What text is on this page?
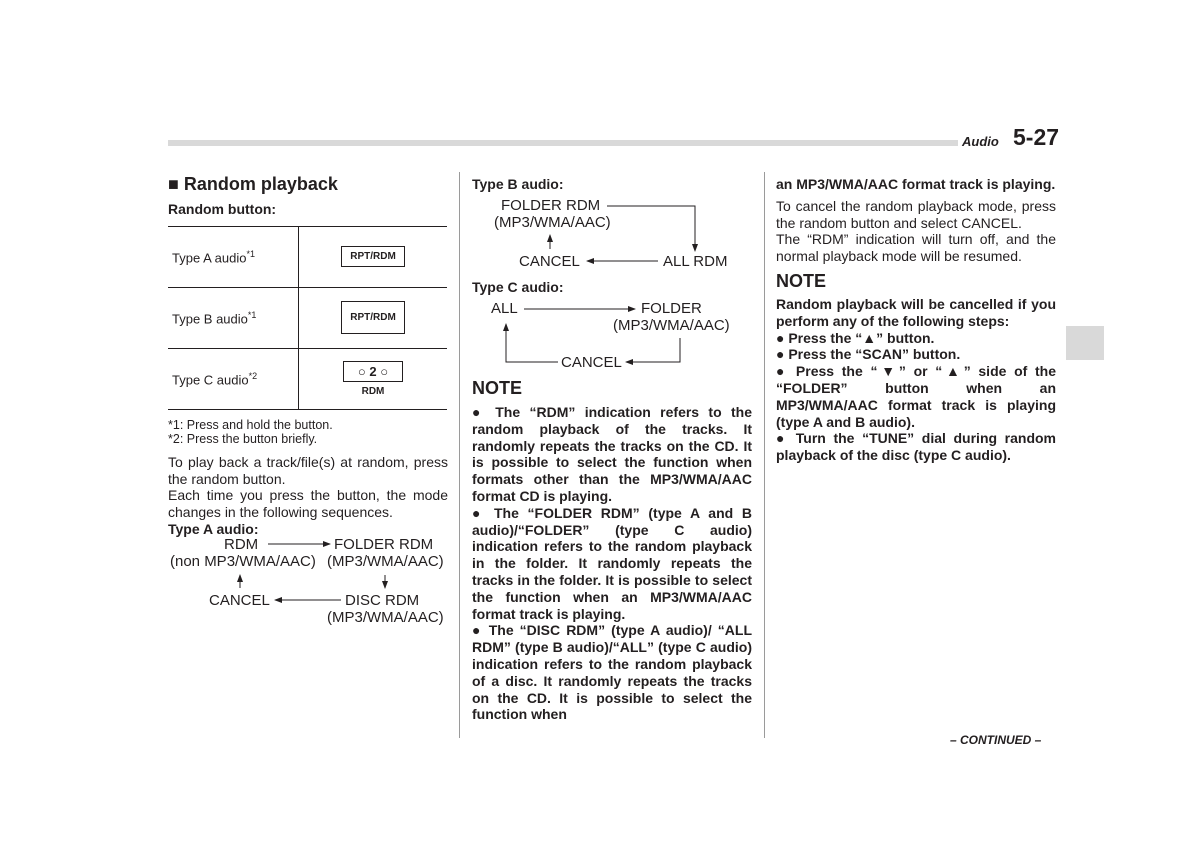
Audio 5-27
■ Random playback
Random button:
Type A audio$^{*1}$	RPT/RDM
Type B audio$^{*1}$	RPT/RDM
Type C audio$^{*2}$	○ 2 ○
RDM

*1: Press and hold the button.

*2: Press the button briefly.

To play back a track/file(s) at random, press the random button.

Each time you press the button, the mode changes in the following sequences.

Type A audio:

RDM
(non MP3/WMA/AAC)
FOLDER RDM
(MP3/WMA/AAC)
CANCEL	DISC RDM
(MP3/WMA/AAC)

Type B audio:

FOLDER RDM
(MP3/WMA/AAC)
CANCEL	ALL RDM

Type C audio:

ALL	FOLDER
(MP3/WMA/AAC)
CANCEL
NOTE

● The “RDM” indication refers to the random playback of the tracks. It randomly repeats the tracks on the CD. It is possible to select the function when formats other than the MP3/WMA/AAC format CD is playing.

● The “FOLDER RDM” (type A and B audio)/“FOLDER” (type C audio) indication refers to the random playback in the folder. It randomly repeats the tracks in the folder. It is possible to select the function when an MP3/WMA/AAC format track is playing.

● The “DISC RDM” (type A audio)/ “ALL RDM” (type B audio)/“ALL” (type C audio) indication refers to the random playback of a disc. It randomly repeats the tracks on the CD. It is possible to select the function when

an MP3/WMA/AAC format track is playing.

To cancel the random playback mode, press the random button and select CANCEL.

The “RDM” indication will turn off, and the normal playback mode will be resumed.

NOTE

Random playback will be cancelled if you perform any of the following steps:

● Press the “▲” button.

● Press the “SCAN” button.

● Press the “▼” or “▲” side of the “FOLDER” button when an MP3/WMA/AAC format track is playing (type A and B audio).

● Turn the “TUNE” dial during random playback of the disc (type C audio).

– CONTINUED –
